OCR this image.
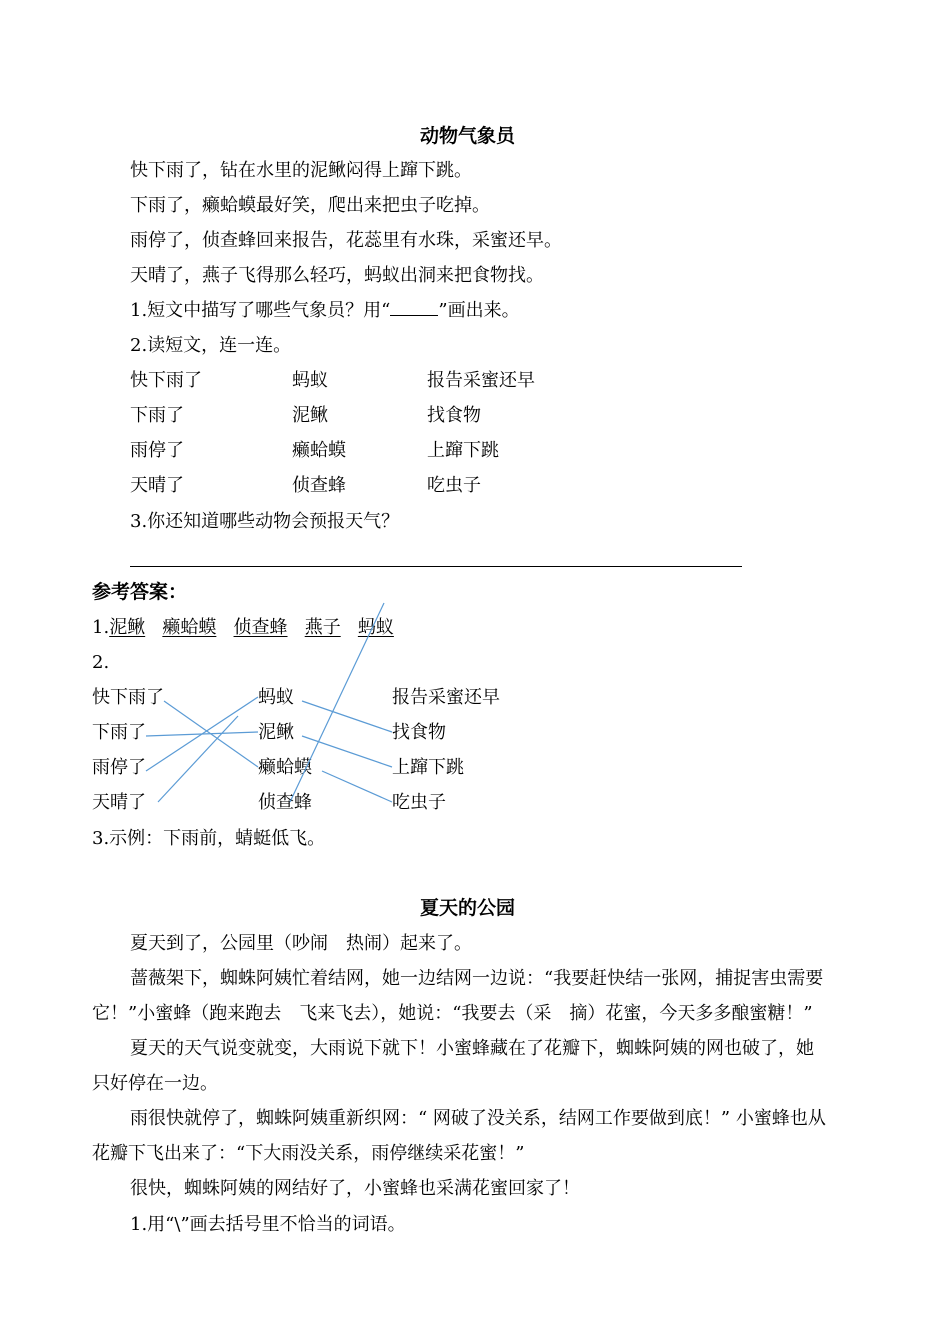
动物气象员
快下雨了，钻在水里的泥鳅闷得上蹿下跳。
下雨了，癞蛤蟆最好笑，爬出来把虫子吃掉。
雨停了，侦查蜂回来报告，花蕊里有水珠，采蜜还早。
天晴了，燕子飞得那么轻巧，蚂蚁出洞来把食物找。
1.短文中描写了哪些气象员？用“	”画出来。
2.读短文，连一连。
快下雨了
下雨了
雨停了
天晴了
蚂蚁
泥鳅
癞蛤蟆
侦查蜂
报告采蜜还早
找食物
上蹿下跳
吃虫子
3.你还知道哪些动物会预报天气？
参考答案：
1.泥鳅 癞蛤蟆 侦查蜂 燕子 蚂蚁
2.
快下雨了
下雨了
雨停了
天晴了
蚂蚁
泥鳅
癞蛤蟆
侦查蜂
报告采蜜还早
找食物
上蹿下跳
吃虫子
3.示例：下雨前，蜻蜓低飞。
夏天的公园
夏天到了，公园里（吵闹　热闹）起来了。
蔷薇架下，蜘蛛阿姨忙着结网，她一边结网一边说：“我要赶快结一张网，捕捉害虫需要
它！”小蜜蜂（跑来跑去　飞来飞去），她说：“我要去（采　摘）花蜜，今天多多酿蜜糖！”
夏天的天气说变就变，大雨说下就下！小蜜蜂藏在了花瓣下，蜘蛛阿姨的网也破了，她
只好停在一边。
雨很快就停了，蜘蛛阿姨重新织网：“ 网破了没关系，结网工作要做到底！” 小蜜蜂也从
花瓣下飞出来了：“下大雨没关系，雨停继续采花蜜！”
很快，蜘蛛阿姨的网结好了，小蜜蜂也采满花蜜回家了！
1.用“\”画去括号里不恰当的词语。
